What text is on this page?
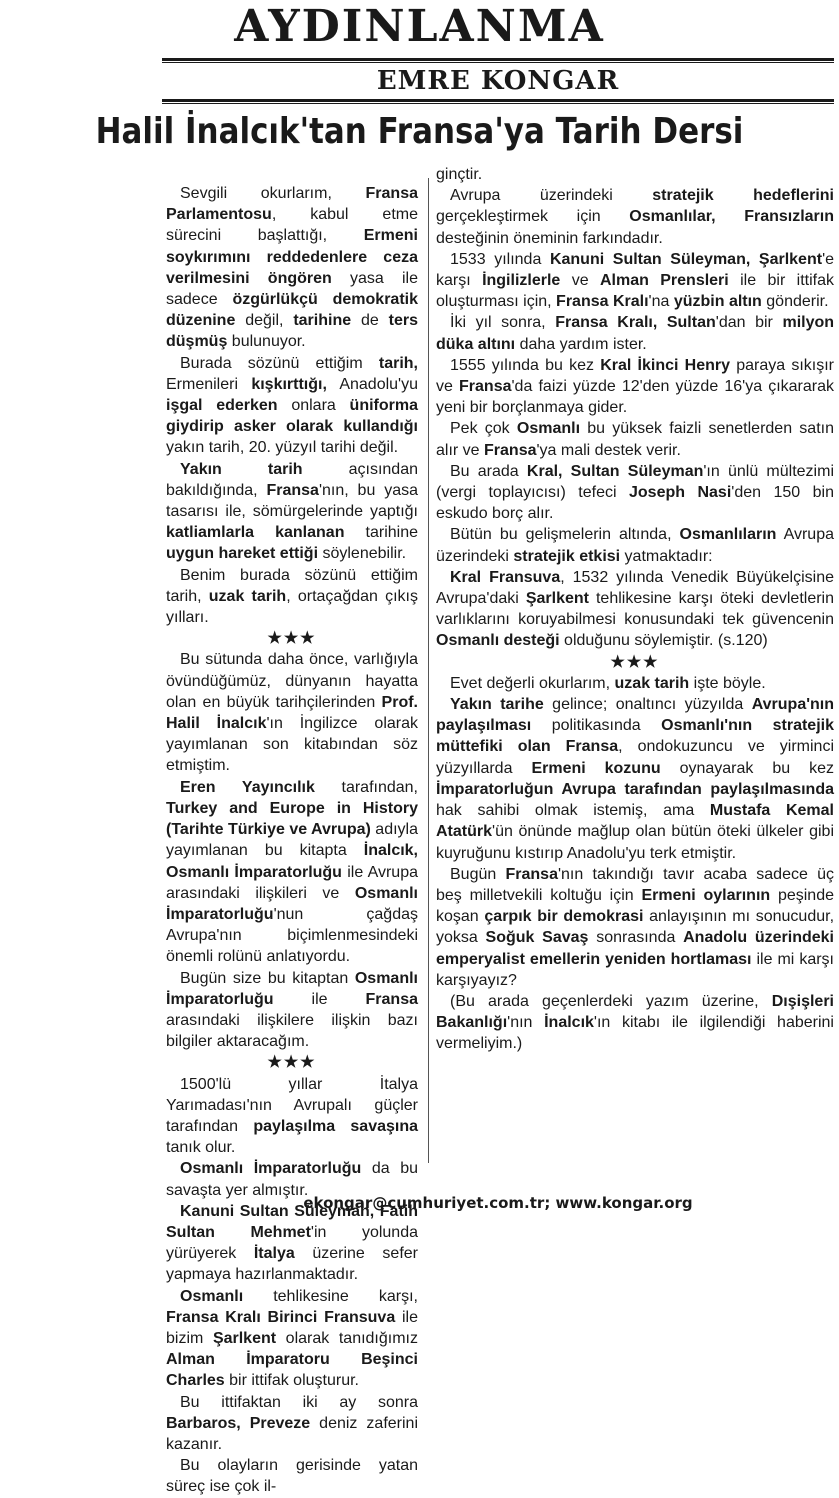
AYDINLANMA
EMRE KONGAR
Halil İnalcık'tan Fransa'ya Tarih Dersi

Sevgili okurlarım, Fransa Parlamentosu, kabul etme sürecini başlattığı, Ermeni soykırımını reddedenlere ceza verilmesini öngören yasa ile sadece özgürlükçü demokratik düzenine değil, tarihine de ters düşmüş bulunuyor.

Burada sözünü ettiğim tarih, Ermenileri kışkırttığı, Anadolu'yu işgal ederken onlara üniforma giydirip asker olarak kullandığı yakın tarih, 20. yüzyıl tarihi değil.

Yakın tarih açısından bakıldığında, Fransa'nın, bu yasa tasarısı ile, sömürgelerinde yaptığı katliamlarla kanlanan tarihine uygun hareket ettiği söylenebilir.

Benim burada sözünü ettiğim tarih, uzak tarih, ortaçağdan çıkış yılları.

★★★

Bu sütunda daha önce, varlığıyla övündüğümüz, dünyanın hayatta olan en büyük tarihçilerinden Prof. Halil İnalcık'ın İngilizce olarak yayımlanan son kitabından söz etmiştim.

Eren Yayıncılık tarafından, Turkey and Europe in History (Tarihte Türkiye ve Avrupa) adıyla yayımlanan bu kitapta İnalcık, Osmanlı İmparatorluğu ile Avrupa arasındaki ilişkileri ve Osmanlı İmparatorluğu'nun çağdaş Avrupa'nın biçimlenmesindeki önemli rolünü anlatıyordu.

Bugün size bu kitaptan Osmanlı İmparatorluğu ile Fransa arasındaki ilişkilere ilişkin bazı bilgiler aktaracağım.

★★★

1500'lü yıllar İtalya Yarımadası'nın Avrupalı güçler tarafından paylaşılma savaşına tanık olur.

Osmanlı İmparatorluğu da bu savaşta yer almıştır.

Kanuni Sultan Süleyman, Fatih Sultan Mehmet'in yolunda yürüyerek İtalya üzerine sefer yapmaya hazırlanmaktadır.

Osmanlı tehlikesine karşı, Fransa Kralı Birinci Fransuva ile bizim Şarlkent olarak tanıdığımız Alman İmparatoru Beşinci Charles bir ittifak oluşturur.

Bu ittifaktan iki ay sonra Barbaros, Preveze deniz zaferini kazanır.

Bu olayların gerisinde yatan süreç ise çok il-

ginçtir.

Avrupa üzerindeki stratejik hedeflerini gerçekleştirmek için Osmanlılar, Fransızların desteğinin öneminin farkındadır.

1533 yılında Kanuni Sultan Süleyman, Şarlkent'e karşı İngilizlerle ve Alman Prensleri ile bir ittifak oluşturması için, Fransa Kralı'na yüzbin altın gönderir.

İki yıl sonra, Fransa Kralı, Sultan'dan bir milyon düka altını daha yardım ister.

1555 yılında bu kez Kral İkinci Henry paraya sıkışır ve Fransa'da faizi yüzde 12'den yüzde 16'ya çıkararak yeni bir borçlanmaya gider.

Pek çok Osmanlı bu yüksek faizli senetlerden satın alır ve Fransa'ya mali destek verir.

Bu arada Kral, Sultan Süleyman'ın ünlü mültezimi (vergi toplayıcısı) tefeci Joseph Nasi'den 150 bin eskudo borç alır.

Bütün bu gelişmelerin altında, Osmanlıların Avrupa üzerindeki stratejik etkisi yatmaktadır:

Kral Fransuva, 1532 yılında Venedik Büyükelçisine Avrupa'daki Şarlkent tehlikesine karşı öteki devletlerin varlıklarını koruyabilmesi konusundaki tek güvencenin Osmanlı desteği olduğunu söylemiştir. (s.120)

★★★

Evet değerli okurlarım, uzak tarih işte böyle.

Yakın tarihe gelince; onaltıncı yüzyılda Avrupa'nın paylaşılması politikasında Osmanlı'nın stratejik müttefiki olan Fransa, ondokuzuncu ve yirminci yüzyıllarda Ermeni kozunu oynayarak bu kez İmparatorluğun Avrupa tarafından paylaşılmasında hak sahibi olmak istemiş, ama Mustafa Kemal Atatürk'ün önünde mağlup olan bütün öteki ülkeler gibi kuyruğunu kıstırıp Anadolu'yu terk etmiştir.

Bugün Fransa'nın takındığı tavır acaba sadece üç beş milletvekili koltuğu için Ermeni oylarının peşinde koşan çarpık bir demokrasi anlayışının mı sonucudur, yoksa Soğuk Savaş sonrasında Anadolu üzerindeki emperyalist emellerin yeniden hortlaması ile mi karşı karşıyayız?

(Bu arada geçenlerdeki yazım üzerine, Dışişleri Bakanlığı'nın İnalcık'ın kitabı ile ilgilendiği haberini vermeliyim.)

ekongar@cumhuriyet.com.tr; www.kongar.org
